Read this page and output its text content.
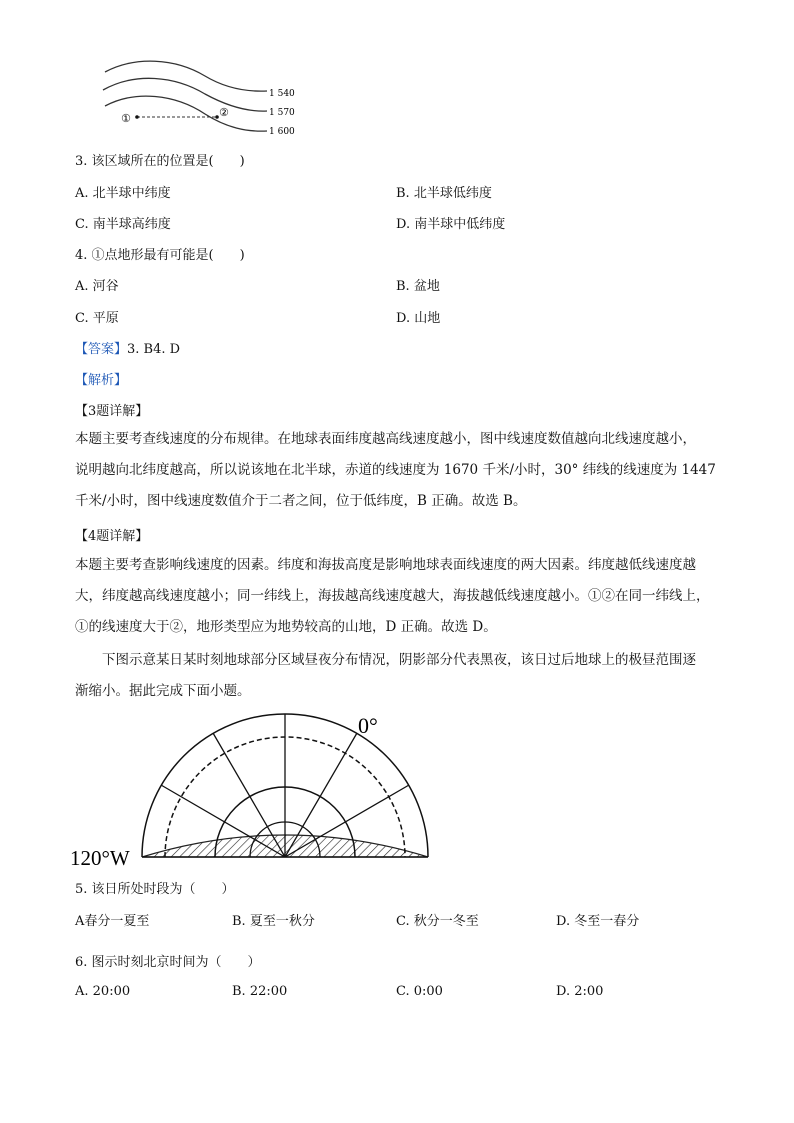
①	②
1 540
1 570
1 600
3. 该区域所在的位置是(　　)
A. 北半球中纬度	B. 北半球低纬度
C. 南半球高纬度	D. 南半球中低纬度
4. ①点地形最有可能是(　　)
A. 河谷	B. 盆地
C. 平原	D. 山地
【答案】3. B4. D
【解析】
【3题详解】

本题主要考查线速度的分布规律。在地球表面纬度越高线速度越小，图中线速度数值越向北线速度越小，

说明越向北纬度越高，所以说该地在北半球，赤道的线速度为 1670 千米/小时，30° 纬线的线速度为 1447

千米/小时，图中线速度数值介于二者之间，位于低纬度，B 正确。故选 B。

【4题详解】

本题主要考查影响线速度的因素。纬度和海拔高度是影响地球表面线速度的两大因素。纬度越低线速度越

大，纬度越高线速度越小；同一纬线上，海拔越高线速度越大，海拔越低线速度越小。①②在同一纬线上，

①的线速度大于②，地形类型应为地势较高的山地，D 正确。故选 D。

下图示意某日某时刻地球部分区域昼夜分布情况，阴影部分代表黑夜，该日过后地球上的极昼范围逐

渐缩小。据此完成下面小题。

0°
120°W
5. 该日所处时段为（　　）
A春分一夏至	B. 夏至一秋分	C. 秋分一冬至	D. 冬至一春分
6. 图示时刻北京时间为（　　）
A. 20:00	B. 22:00	C. 0:00	D. 2:00
